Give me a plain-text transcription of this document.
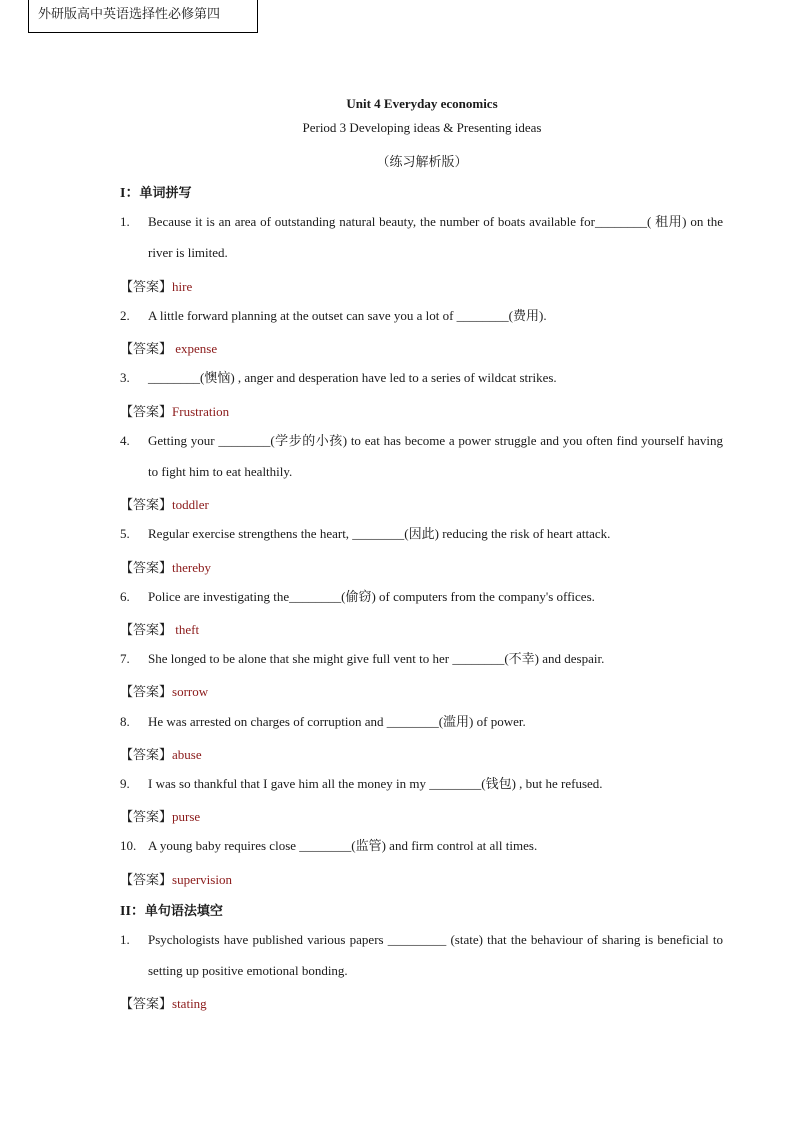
外研版高中英语选择性必修第四
Unit 4 Everyday economics
Period 3 Developing ideas & Presenting ideas
（练习解析版）
I：单词拼写
1.	Because it is an area of outstanding natural beauty, the number of boats available for________( 租用) on the river is limited.
【答案】hire
2.	A little forward planning at the outset can save you a lot of ________(费用).
【答案】 expense
3.	________(懊恼) , anger and desperation have led to a series of wildcat strikes.
【答案】Frustration
4.	Getting your ________(学步的小孩) to eat has become a power struggle and you often find yourself having to fight him to eat healthily.
【答案】toddler
5.	Regular exercise strengthens the heart, ________(因此) reducing the risk of heart attack.
【答案】thereby
6.	Police are investigating the________(偷窃) of computers from the company's offices.
【答案】 theft
7.	She longed to be alone that she might give full vent to her ________(不幸) and despair.
【答案】sorrow
8.	He was arrested on charges of corruption and ________(滥用) of power.
【答案】abuse
9.	I was so thankful that I gave him all the money in my ________(钱包) , but he refused.
【答案】purse
10. A young baby requires close ________(监管) and firm control at all times.
【答案】supervision
II：单句语法填空
1.	Psychologists have published various papers _________ (state) that the behaviour of sharing is beneficial to setting up positive emotional bonding.
【答案】stating
